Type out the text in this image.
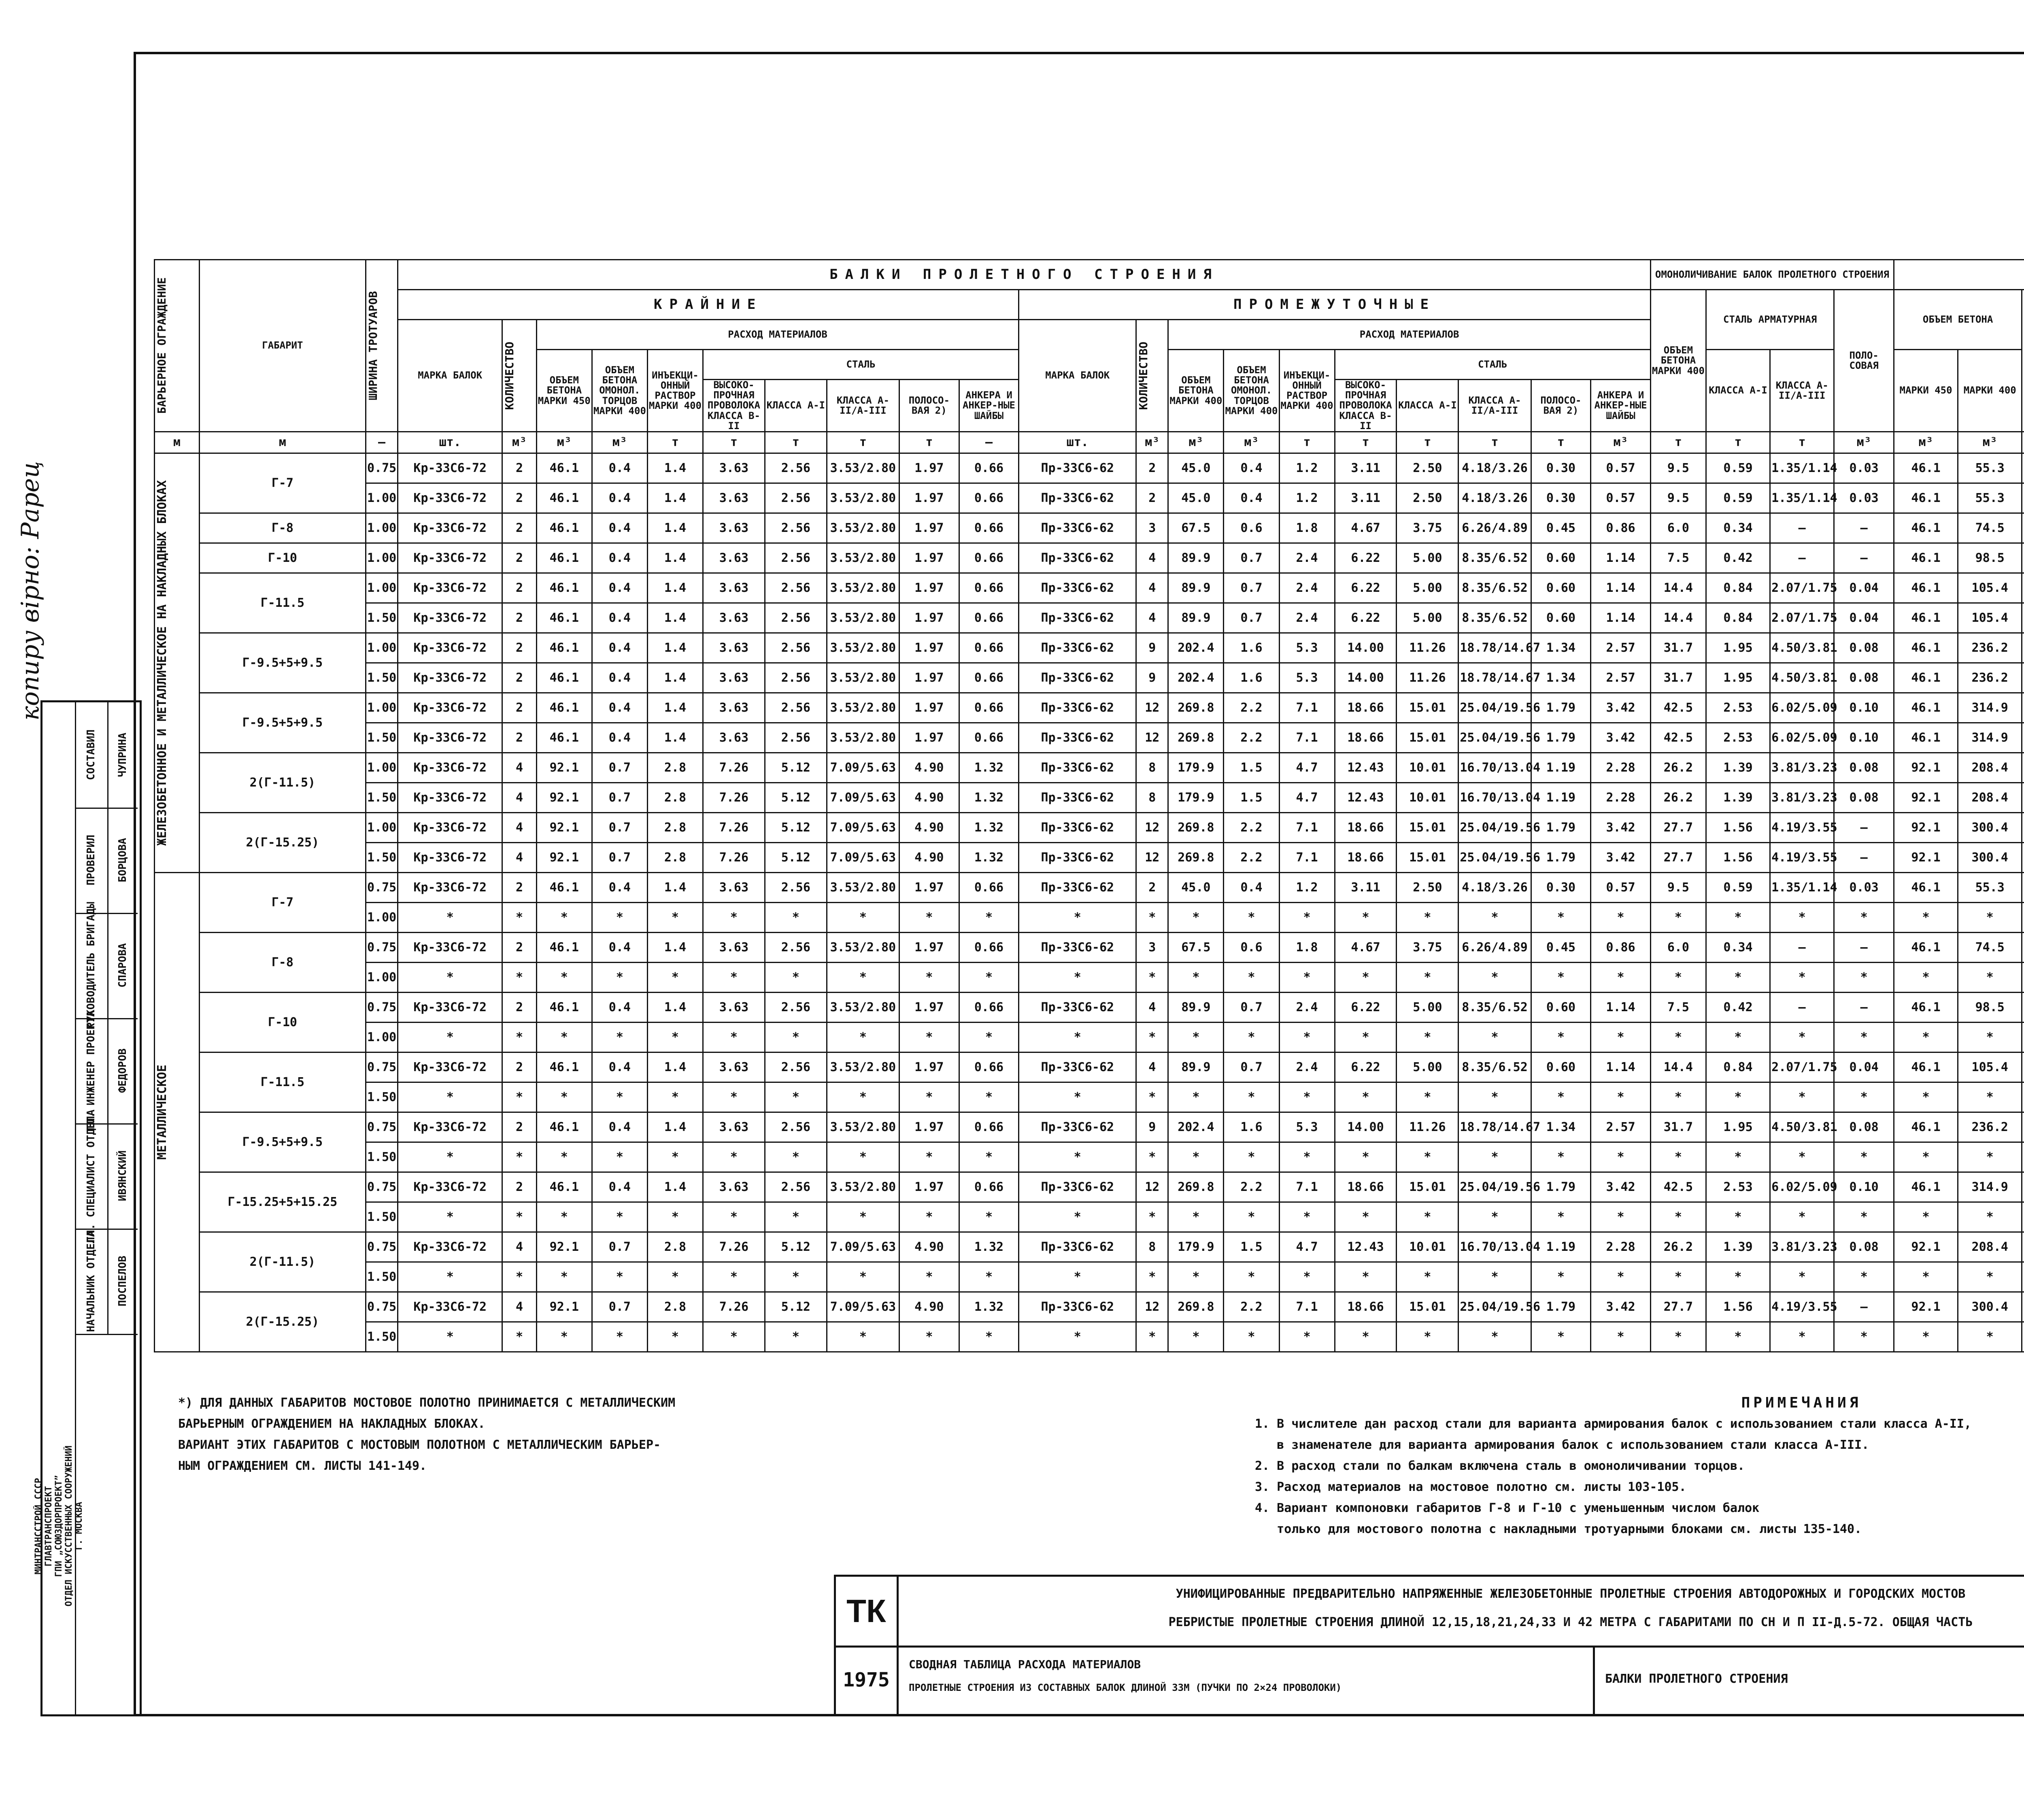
копиру вірно: Рарец
БАРЬЕРНОЕ ОГРАЖДЕНИЕ	ГАБАРИТ	ШИРИНА ТРОТУАРОВ	БАЛКИ ПРОЛЕТНОГО СТРОЕНИЯ																				ОМОНОЛИЧИВАНИЕ БАЛОК ПРОЛЕТНОГО СТРОЕНИЯ	
			КРАЙНИЕ										ПРОМЕЖУТОЧНЫЕ										ОБЪЕМ БЕТОНА МАРКИ 400	СТАЛЬ АРМАТУРНАЯ		ПОЛО-СОВАЯ	ОБЪЕМ БЕТОНА		
			МАРКА БАЛОК	КОЛИЧЕСТВО	РАСХОД МАТЕРИАЛОВ								МАРКА БАЛОК	КОЛИЧЕСТВО	РАСХОД МАТЕРИАЛОВ				
					ОБЪЕМ БЕТОНА МАРКИ 450	ОБЪЕМ БЕТОНА ОМОНОЛ. ТОРЦОВ МАРКИ 400	ИНЪЕКЦИ-ОННЫЙ РАСТВОР МАРКИ 400	СТАЛЬ							ОБЪЕМ БЕТОНА МАРКИ 400	ОБЪЕМ БЕТОНА ОМОНОЛ. ТОРЦОВ МАРКИ 400	ИНЪЕКЦИ-ОННЫЙ РАСТВОР МАРКИ 400	СТАЛЬ						КЛАССА А-I	КЛАССА А-II/А-III		МАРКИ 450	МАРКИ 400						
								ВЫСОКО-ПРОЧНАЯ ПРОВОЛОКА КЛАССА В-II	КЛАССА А-I	КЛАССА А-II/А-III	ПОЛОСО-ВАЯ 2)	АНКЕРА И АНКЕР-НЫЕ ШАЙБЫ						ВЫСОКО-ПРОЧНАЯ ПРОВОЛОКА КЛАССА В-II	КЛАССА А-I	КЛАССА А-II/А-III	ПОЛОСО-ВАЯ 2)	АНКЕРА И АНКЕР-НЫЕ ШАЙБЫ		
м	м	—	шт.	м³	м³	м³	т	т	т	т	т	—	шт.	м³	м³	м³	т	т	т	т	т	м³	т	т	т	м³	м³	м³					

ЖЕЛЕЗОБЕТОННОЕ И МЕТАЛЛИЧЕСКОЕ НА НАКЛАДНЫХ БЛОКАХ	Г-7	0.75	Кр-33С6-72	2	46.1	0.4	1.4	3.63	2.56	3.53/2.80	1.97	0.66	Пр-33С6-62	2	45.0	0.4	1.2	3.11	2.50	4.18/3.26	0.30	0.57	9.5	0.59	1.35/1.14	0.03	46.1	55.3						
		1.00	Кр-33С6-72	2	46.1	0.4	1.4	3.63	2.56	3.53/2.80	1.97	0.66	Пр-33С6-62	2	45.0	0.4	1.2	3.11	2.50	4.18/3.26	0.30	0.57	9.5	0.59	1.35/1.14	0.03	46.1	55.3						
	Г-8	1.00	Кр-33С6-72	2	46.1	0.4	1.4	3.63	2.56	3.53/2.80	1.97	0.66	Пр-33С6-62	3	67.5	0.6	1.8	4.67	3.75	6.26/4.89	0.45	0.86	6.0	0.34	—	—	46.1	74.5						
	Г-10	1.00	Кр-33С6-72	2	46.1	0.4	1.4	3.63	2.56	3.53/2.80	1.97	0.66	Пр-33С6-62	4	89.9	0.7	2.4	6.22	5.00	8.35/6.52	0.60	1.14	7.5	0.42	—	—	46.1	98.5						
	Г-11.5	1.00	Кр-33С6-72	2	46.1	0.4	1.4	3.63	2.56	3.53/2.80	1.97	0.66	Пр-33С6-62	4	89.9	0.7	2.4	6.22	5.00	8.35/6.52	0.60	1.14	14.4	0.84	2.07/1.75	0.04	46.1	105.4						
		1.50	Кр-33С6-72	2	46.1	0.4	1.4	3.63	2.56	3.53/2.80	1.97	0.66	Пр-33С6-62	4	89.9	0.7	2.4	6.22	5.00	8.35/6.52	0.60	1.14	14.4	0.84	2.07/1.75	0.04	46.1	105.4						
	Г-9.5+5+9.5	1.00	Кр-33С6-72	2	46.1	0.4	1.4	3.63	2.56	3.53/2.80	1.97	0.66	Пр-33С6-62	9	202.4	1.6	5.3	14.00	11.26	18.78/14.67	1.34	2.57	31.7	1.95	4.50/3.81	0.08	46.1	236.2						
		1.50	Кр-33С6-72	2	46.1	0.4	1.4	3.63	2.56	3.53/2.80	1.97	0.66	Пр-33С6-62	9	202.4	1.6	5.3	14.00	11.26	18.78/14.67	1.34	2.57	31.7	1.95	4.50/3.81	0.08	46.1	236.2						
	Г-9.5+5+9.5	1.00	Кр-33С6-72	2	46.1	0.4	1.4	3.63	2.56	3.53/2.80	1.97	0.66	Пр-33С6-62	12	269.8	2.2	7.1	18.66	15.01	25.04/19.56	1.79	3.42	42.5	2.53	6.02/5.09	0.10	46.1	314.9						
		1.50	Кр-33С6-72	2	46.1	0.4	1.4	3.63	2.56	3.53/2.80	1.97	0.66	Пр-33С6-62	12	269.8	2.2	7.1	18.66	15.01	25.04/19.56	1.79	3.42	42.5	2.53	6.02/5.09	0.10	46.1	314.9						
	2(Г-11.5)	1.00	Кр-33С6-72	4	92.1	0.7	2.8	7.26	5.12	7.09/5.63	4.90	1.32	Пр-33С6-62	8	179.9	1.5	4.7	12.43	10.01	16.70/13.04	1.19	2.28	26.2	1.39	3.81/3.23	0.08	92.1	208.4						
		1.50	Кр-33С6-72	4	92.1	0.7	2.8	7.26	5.12	7.09/5.63	4.90	1.32	Пр-33С6-62	8	179.9	1.5	4.7	12.43	10.01	16.70/13.04	1.19	2.28	26.2	1.39	3.81/3.23	0.08	92.1	208.4						
	2(Г-15.25)	1.00	Кр-33С6-72	4	92.1	0.7	2.8	7.26	5.12	7.09/5.63	4.90	1.32	Пр-33С6-62	12	269.8	2.2	7.1	18.66	15.01	25.04/19.56	1.79	3.42	27.7	1.56	4.19/3.55	—	92.1	300.4						
		1.50	Кр-33С6-72	4	92.1	0.7	2.8	7.26	5.12	7.09/5.63	4.90	1.32	Пр-33С6-62	12	269.8	2.2	7.1	18.66	15.01	25.04/19.56	1.79	3.42	27.7	1.56	4.19/3.55	—	92.1	300.4						

МЕТАЛЛИЧЕСКОЕ	Г-7	0.75	Кр-33С6-72	2	46.1	0.4	1.4	3.63	2.56	3.53/2.80	1.97	0.66	Пр-33С6-62	2	45.0	0.4	1.2	3.11	2.50	4.18/3.26	0.30	0.57	9.5	0.59	1.35/1.14	0.03	46.1	55.3						
		1.00	*	*	*	*	*	*	*	*	*	*	*	*	*	*	*	*	*	*	*	*	*	*	*	*	*	*						
	Г-8	0.75	Кр-33С6-72	2	46.1	0.4	1.4	3.63	2.56	3.53/2.80	1.97	0.66	Пр-33С6-62	3	67.5	0.6	1.8	4.67	3.75	6.26/4.89	0.45	0.86	6.0	0.34	—	—	46.1	74.5						
		1.00	*	*	*	*	*	*	*	*	*	*	*	*	*	*	*	*	*	*	*	*	*	*	*	*	*	*						
	Г-10	0.75	Кр-33С6-72	2	46.1	0.4	1.4	3.63	2.56	3.53/2.80	1.97	0.66	Пр-33С6-62	4	89.9	0.7	2.4	6.22	5.00	8.35/6.52	0.60	1.14	7.5	0.42	—	—	46.1	98.5						
		1.00	*	*	*	*	*	*	*	*	*	*	*	*	*	*	*	*	*	*	*	*	*	*	*	*	*	*						
	Г-11.5	0.75	Кр-33С6-72	2	46.1	0.4	1.4	3.63	2.56	3.53/2.80	1.97	0.66	Пр-33С6-62	4	89.9	0.7	2.4	6.22	5.00	8.35/6.52	0.60	1.14	14.4	0.84	2.07/1.75	0.04	46.1	105.4						
		1.50	*	*	*	*	*	*	*	*	*	*	*	*	*	*	*	*	*	*	*	*	*	*	*	*	*	*						
	Г-9.5+5+9.5	0.75	Кр-33С6-72	2	46.1	0.4	1.4	3.63	2.56	3.53/2.80	1.97	0.66	Пр-33С6-62	9	202.4	1.6	5.3	14.00	11.26	18.78/14.67	1.34	2.57	31.7	1.95	4.50/3.81	0.08	46.1	236.2						
		1.50	*	*	*	*	*	*	*	*	*	*	*	*	*	*	*	*	*	*	*	*	*	*	*	*	*	*						
	Г-15.25+5+15.25	0.75	Кр-33С6-72	2	46.1	0.4	1.4	3.63	2.56	3.53/2.80	1.97	0.66	Пр-33С6-62	12	269.8	2.2	7.1	18.66	15.01	25.04/19.56	1.79	3.42	42.5	2.53	6.02/5.09	0.10	46.1	314.9						
		1.50	*	*	*	*	*	*	*	*	*	*	*	*	*	*	*	*	*	*	*	*	*	*	*	*	*	*						
	2(Г-11.5)	0.75	Кр-33С6-72	4	92.1	0.7	2.8	7.26	5.12	7.09/5.63	4.90	1.32	Пр-33С6-62	8	179.9	1.5	4.7	12.43	10.01	16.70/13.04	1.19	2.28	26.2	1.39	3.81/3.23	0.08	92.1	208.4						
		1.50	*	*	*	*	*	*	*	*	*	*	*	*	*	*	*	*	*	*	*	*	*	*	*	*	*	*						
	2(Г-15.25)	0.75	Кр-33С6-72	4	92.1	0.7	2.8	7.26	5.12	7.09/5.63	4.90	1.32	Пр-33С6-62	12	269.8	2.2	7.1	18.66	15.01	25.04/19.56	1.79	3.42	27.7	1.56	4.19/3.55	—	92.1	300.4						
		1.50	*	*	*	*	*	*	*	*	*	*	*	*	*	*	*	*	*	*	*	*	*	*	*	*	*	*						
МИНТРАНССТРОЙ СССР ГЛАВТРАНСПРОЕКТ ГПИ „СОЮЗДОРПРОЕКТ” ОТДЕЛ ИСКУССТВЕННЫХ СООРУЖЕНИЙ Г. МОСКВА
СОСТАВИЛ ЧУПРИНА
ПРОВЕРИЛ БОРЦОВА
РУКОВОДИТЕЛЬ БРИГАДЫ СПАРОВА
ГЛ. ИНЖЕНЕР ПРОЕКТА ФЕДОРОВ
ГЛ. СПЕЦИАЛИСТ ОТДЕЛА ИВЯНСКИЙ
НАЧАЛЬНИК ОТДЕЛА ПОСПЕЛОВ
*) ДЛЯ ДАННЫХ ГАБАРИТОВ МОСТОВОЕ ПОЛОТНО ПРИНИМАЕТСЯ С МЕТАЛЛИЧЕСКИМ
БАРЬЕРНЫМ ОГРАЖДЕНИЕМ НА НАКЛАДНЫХ БЛОКАХ.
ВАРИАНТ ЭТИХ ГАБАРИТОВ С МОСТОВЫМ ПОЛОТНОМ С МЕТАЛЛИЧЕСКИМ БАРЬЕР-
НЫМ ОГРАЖДЕНИЕМ СМ. ЛИСТЫ 141-149.
ПРИМЕЧАНИЯ
1. В числителе дан расход стали для варианта армирования балок с использованием стали класса А-II,
в знаменателе для варианта армирования балок с использованием стали класса А-III.
2. В расход стали по балкам включена сталь в омоноличивании торцов.
3. Расход материалов на мостовое полотно см. листы 103-105.
4. Вариант компоновки габаритов Г-8 и Г-10 с уменьшенным числом балок
только для мостового полотна с накладными тротуарными блоками см. листы 135-140.
ТК
1975
УНИФИЦИРОВАННЫЕ ПРЕДВАРИТЕЛЬНО НАПРЯЖЕННЫЕ ЖЕЛЕЗОБЕТОННЫЕ ПРОЛЕТНЫЕ СТРОЕНИЯ АВТОДОРОЖНЫХ И ГОРОДСКИХ МОСТОВ
РЕБРИСТЫЕ ПРОЛЕТНЫЕ СТРОЕНИЯ ДЛИНОЙ 12,15,18,21,24,33 И 42 МЕТРА С ГАБАРИТАМИ ПО СН И П II-Д.5-72. ОБЩАЯ ЧАСТЬ
СВОДНАЯ ТАБЛИЦА РАСХОДА МАТЕРИАЛОВ
ПРОЛЕТНЫЕ СТРОЕНИЯ ИЗ СОСТАВНЫХ БАЛОК ДЛИНОЙ 33М (ПУЧКИ ПО 2×24 ПРОВОЛОКИ)
БАЛКИ ПРОЛЕТНОГО СТРОЕНИЯ
